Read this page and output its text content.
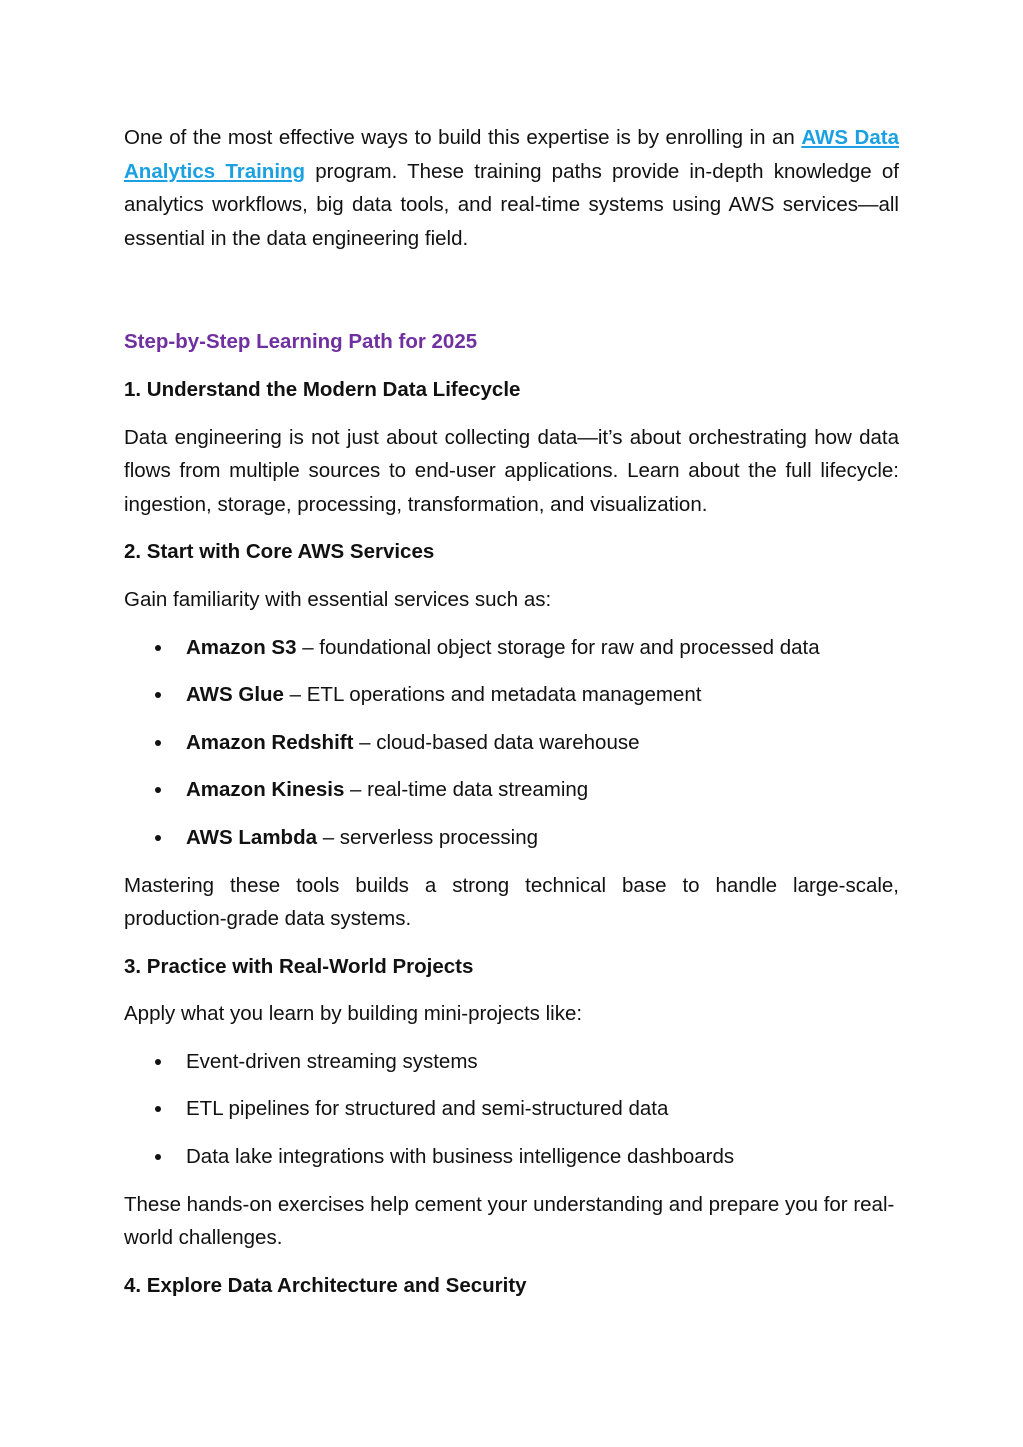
One of the most effective ways to build this expertise is by enrolling in an AWS Data Analytics Training program. These training paths provide in-depth knowledge of analytics workflows, big data tools, and real-time systems using AWS services—all essential in the data engineering field.

Step-by-Step Learning Path for 2025

1. Understand the Modern Data Lifecycle

Data engineering is not just about collecting data—it’s about orchestrating how data flows from multiple sources to end-user applications. Learn about the full lifecycle: ingestion, storage, processing, transformation, and visualization.

2. Start with Core AWS Services

Gain familiarity with essential services such as:

Amazon S3 – foundational object storage for raw and processed data
AWS Glue – ETL operations and metadata management
Amazon Redshift – cloud-based data warehouse
Amazon Kinesis – real-time data streaming
AWS Lambda – serverless processing

Mastering these tools builds a strong technical base to handle large-scale, production-grade data systems.

3. Practice with Real-World Projects

Apply what you learn by building mini-projects like:

Event-driven streaming systems
ETL pipelines for structured and semi-structured data
Data lake integrations with business intelligence dashboards

These hands-on exercises help cement your understanding and prepare you for real-world challenges.

4. Explore Data Architecture and Security
